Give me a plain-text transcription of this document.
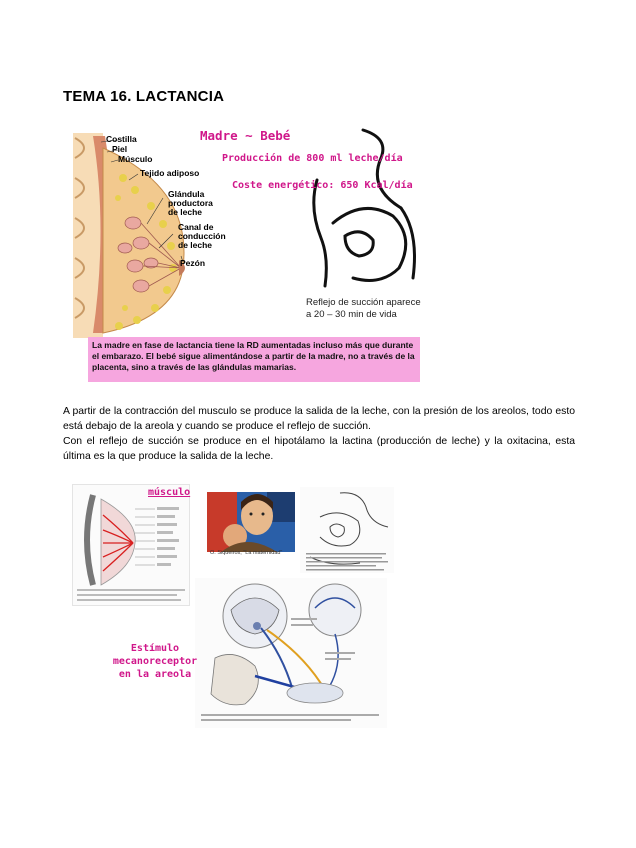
TEMA 16. LACTANCIA
Costilla
Piel
Músculo
Tejido adiposo
Glándula productora de leche
Canal de conducción de leche
Pezón
Madre ~ Bebé
Producción de 800 ml leche/día
Coste energético: 650 Kcal/día
Reflejo de succión aparece
a 20 – 30 min de vida
La madre en fase de lactancia tiene la RD aumentadas incluso más que durante el embarazo. El bebé sigue alimentándose a partir de la madre, no a través de la placenta, sino a través de las glándulas mamarias.

A partir de la contracción del musculo se produce la salida de la leche, con la presión de los areolos, todo esto está debajo de la areola y cuando se produce el reflejo de succión.

Con el reflejo de succión se produce en el hipotálamo la lactina (producción de leche) y la oxitacina, esta última es la que produce la salida de la leche.

músculo
O. Siqueiros, "La maternidad"
Estímulo
mecanoreceptor
en la areola
